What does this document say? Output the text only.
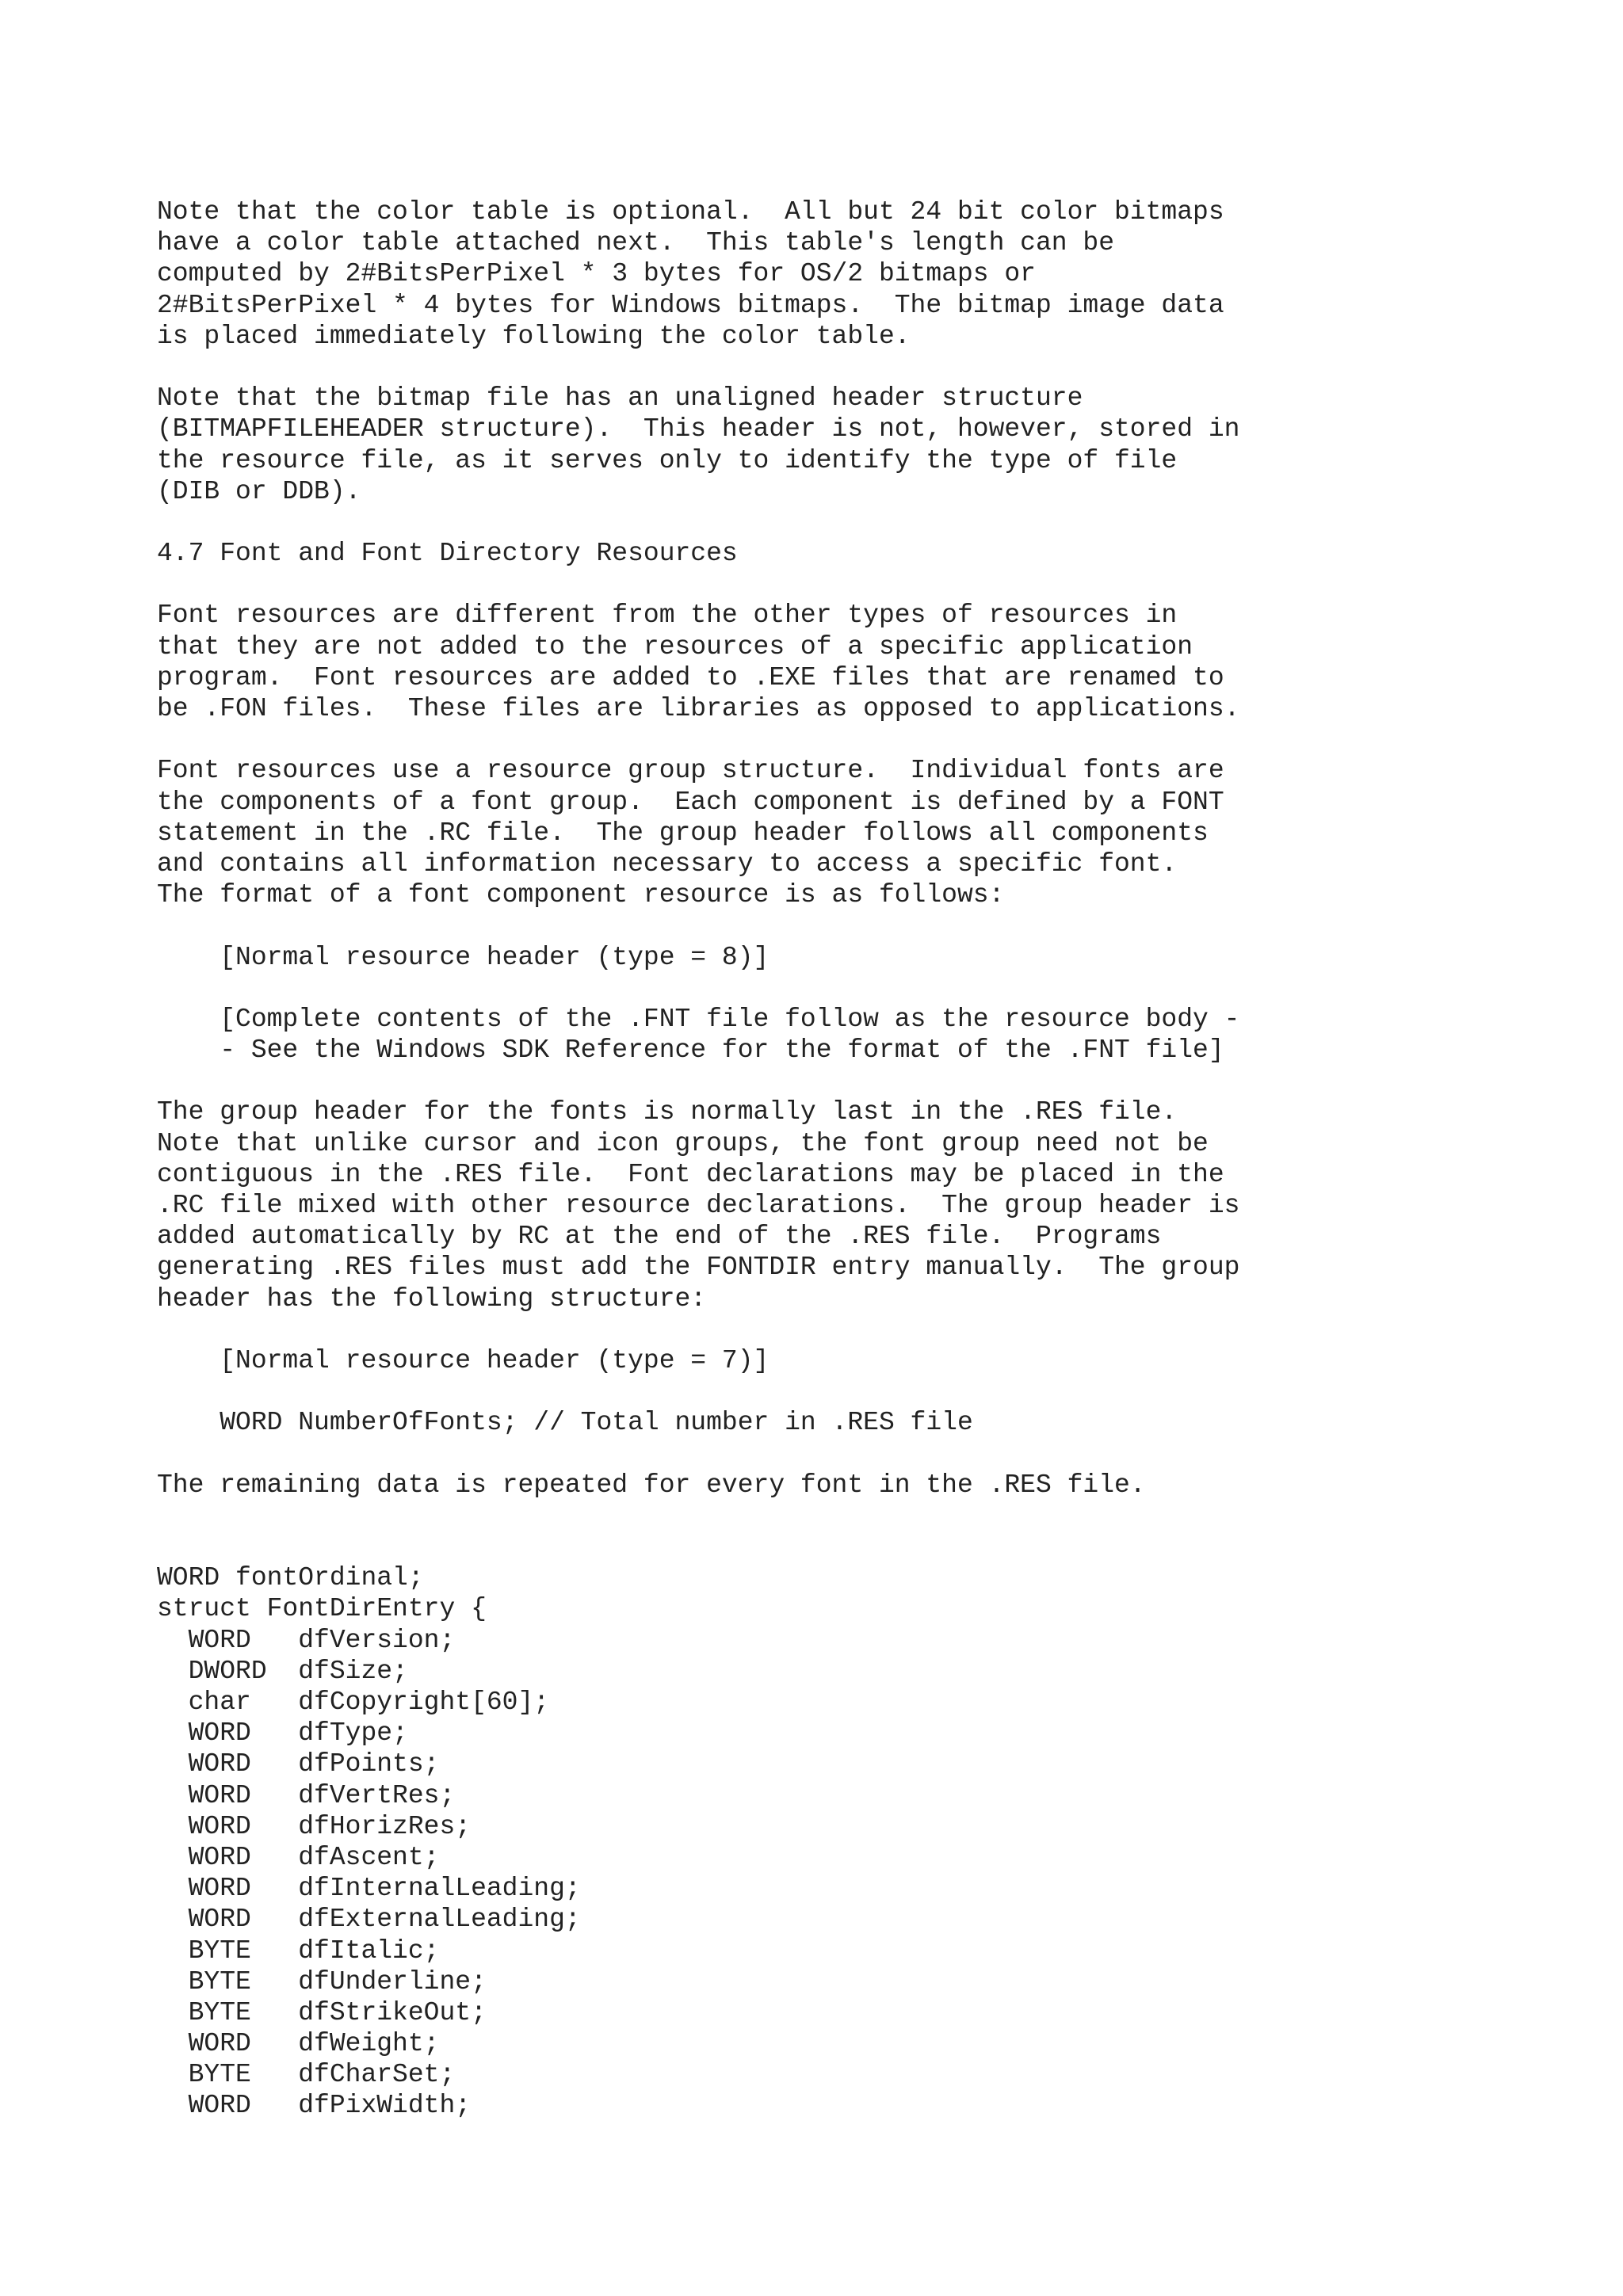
Note that the color table is optional.  All but 24 bit color bitmaps
have a color table attached next.  This table's length can be
computed by 2#BitsPerPixel * 3 bytes for OS/2 bitmaps or
2#BitsPerPixel * 4 bytes for Windows bitmaps.  The bitmap image data
is placed immediately following the color table.
Note that the bitmap file has an unaligned header structure
(BITMAPFILEHEADER structure).  This header is not, however, stored in
the resource file, as it serves only to identify the type of file
(DIB or DDB).
4.7 Font and Font Directory Resources
Font resources are different from the other types of resources in
that they are not added to the resources of a specific application
program.  Font resources are added to .EXE files that are renamed to
be .FON files.  These files are libraries as opposed to applications.
Font resources use a resource group structure.  Individual fonts are
the components of a font group.  Each component is defined by a FONT
statement in the .RC file.  The group header follows all components
and contains all information necessary to access a specific font.
The format of a font component resource is as follows:
[Normal resource header (type = 8)]
[Complete contents of the .FNT file follow as the resource body -
- See the Windows SDK Reference for the format of the .FNT file]
The group header for the fonts is normally last in the .RES file.
Note that unlike cursor and icon groups, the font group need not be
contiguous in the .RES file.  Font declarations may be placed in the
.RC file mixed with other resource declarations.  The group header is
added automatically by RC at the end of the .RES file.  Programs
generating .RES files must add the FONTDIR entry manually.  The group
header has the following structure:
[Normal resource header (type = 7)]
WORD NumberOfFonts; // Total number in .RES file
The remaining data is repeated for every font in the .RES file.
WORD fontOrdinal;
struct FontDirEntry {
WORD   dfVersion;
DWORD  dfSize;
char   dfCopyright[60];
WORD   dfType;
WORD   dfPoints;
WORD   dfVertRes;
WORD   dfHorizRes;
WORD   dfAscent;
WORD   dfInternalLeading;
WORD   dfExternalLeading;
BYTE   dfItalic;
BYTE   dfUnderline;
BYTE   dfStrikeOut;
WORD   dfWeight;
BYTE   dfCharSet;
WORD   dfPixWidth;
